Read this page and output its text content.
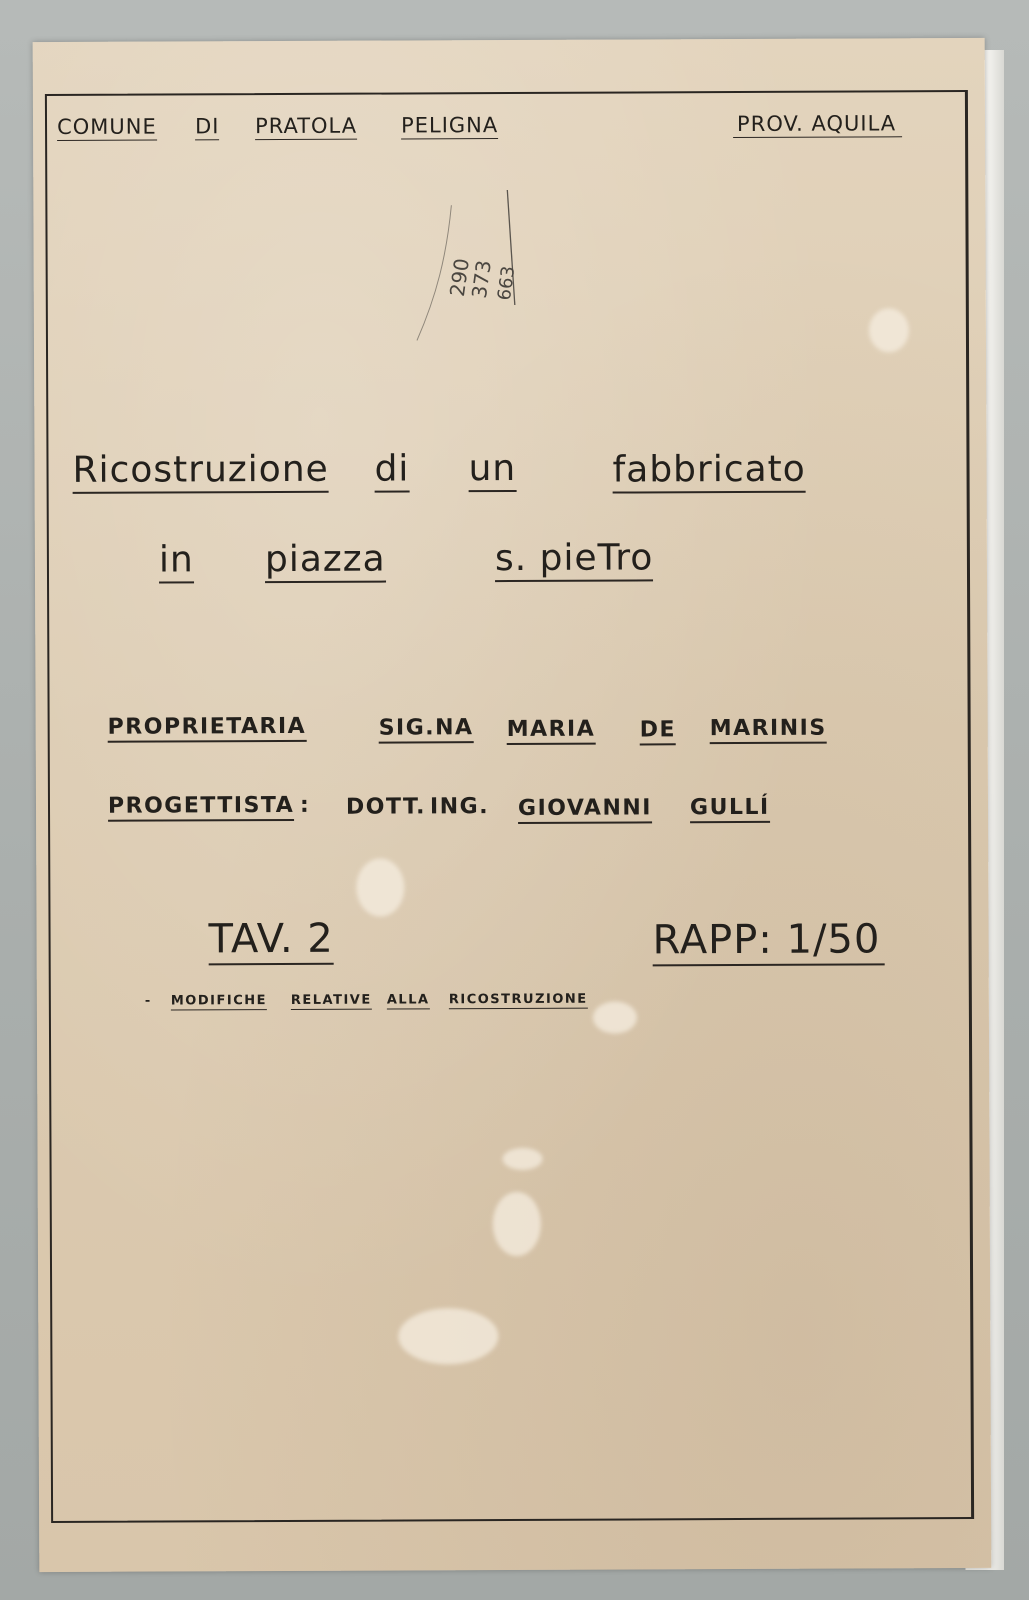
COMUNE DI PRATOLA PELIGNA	PROV. AQUILA
290
373
663
Ricostruzione di un	fabbricato
in piazza	s. pieTro
PROPRIETARIA	SIG.NA MARIA DE MARINIS
PROGETTISTA : DOTT. ING. GIOVANNI GULLÍ
TAV. 2	RAPP: 1/50
- MODIFICHE RELATIVE ALLA RICOSTRUZIONE
